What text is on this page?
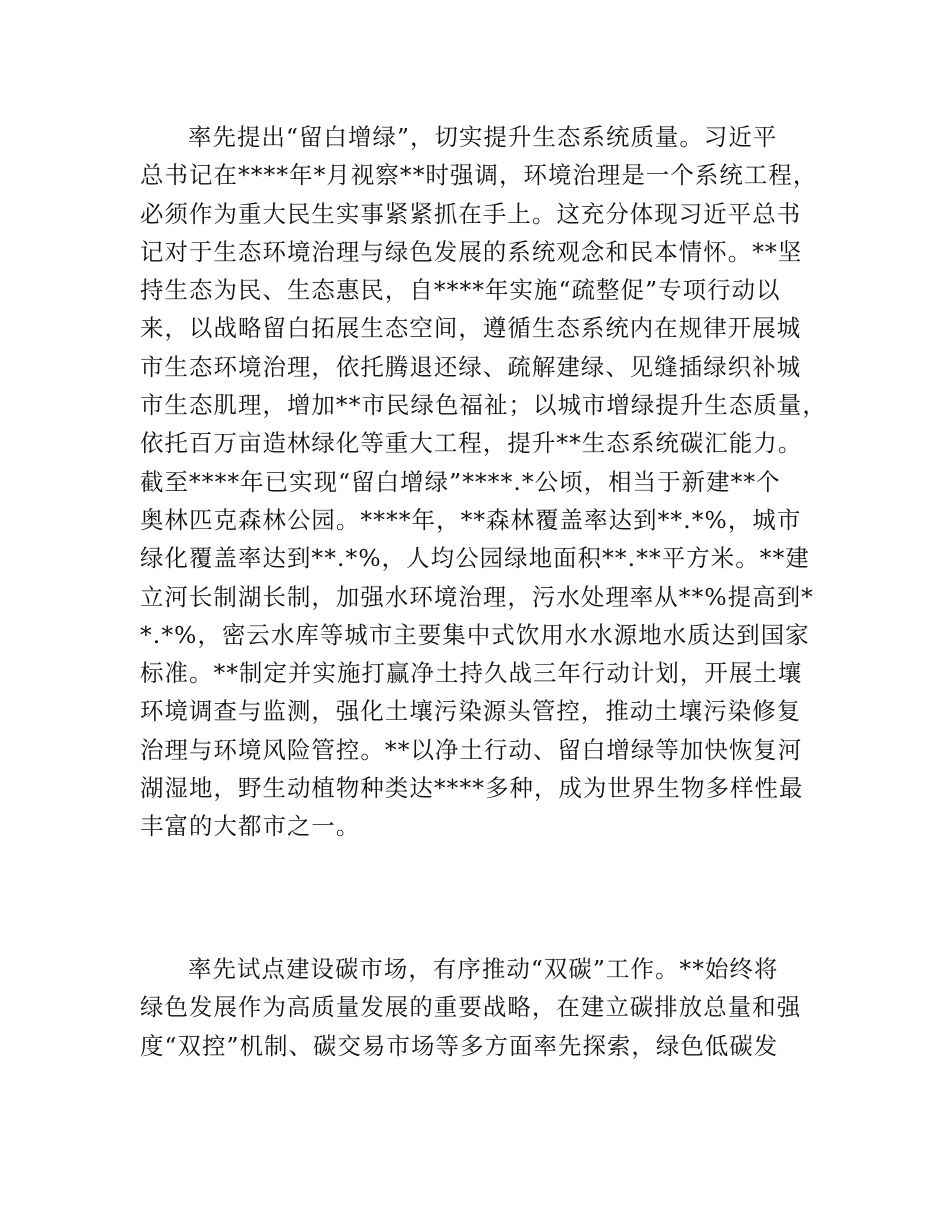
率先提出“留白增绿”，切实提升生态系统质量。习近平
总书记在****年*月视察**时强调，环境治理是一个系统工程，
必须作为重大民生实事紧紧抓在手上。这充分体现习近平总书
记对于生态环境治理与绿色发展的系统观念和民本情怀。**坚
持生态为民、生态惠民，自****年实施“疏整促”专项行动以
来，以战略留白拓展生态空间，遵循生态系统内在规律开展城
市生态环境治理，依托腾退还绿、疏解建绿、见缝插绿织补城
市生态肌理，增加**市民绿色福祉；以城市增绿提升生态质量，
依托百万亩造林绿化等重大工程，提升**生态系统碳汇能力。
截至****年已实现“留白增绿”****.*公顷，相当于新建**个
奥林匹克森林公园。****年，**森林覆盖率达到**.*%，城市
绿化覆盖率达到**.*%，人均公园绿地面积**.**平方米。**建
立河长制湖长制，加强水环境治理，污水处理率从**%提高到*
*.*%，密云水库等城市主要集中式饮用水水源地水质达到国家
标准。**制定并实施打赢净土持久战三年行动计划，开展土壤
环境调查与监测，强化土壤污染源头管控，推动土壤污染修复
治理与环境风险管控。**以净土行动、留白增绿等加快恢复河
湖湿地，野生动植物种类达****多种，成为世界生物多样性最
丰富的大都市之一。
率先试点建设碳市场，有序推动“双碳”工作。**始终将
绿色发展作为高质量发展的重要战略，在建立碳排放总量和强
度“双控”机制、碳交易市场等多方面率先探索，绿色低碳发
